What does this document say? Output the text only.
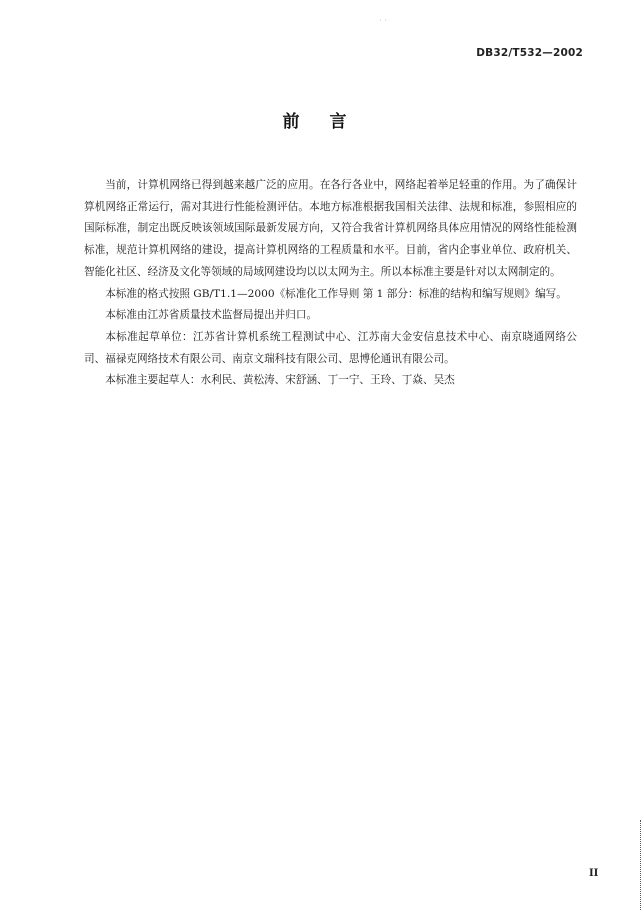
˙ ˙
DB32/T532—2002
前言

当前，计算机网络已得到越来越广泛的应用。在各行各业中，网络起着举足轻重的作用。为了确保计算机网络正常运行，需对其进行性能检测评估。本地方标准根据我国相关法律、法规和标准，参照相应的国际标准，制定出既反映该领域国际最新发展方向，又符合我省计算机网络具体应用情况的网络性能检测标准，规范计算机网络的建设，提高计算机网络的工程质量和水平。目前，省内企事业单位、政府机关、智能化社区、经济及文化等领域的局域网建设均以以太网为主。所以本标准主要是针对以太网制定的。

本标准的格式按照 GB/T1.1—2000《标准化工作导则 第 1 部分：标准的结构和编写规则》编写。

本标准由江苏省质量技术监督局提出并归口。

本标准起草单位：江苏省计算机系统工程测试中心、江苏南大金安信息技术中心、南京晓通网络公司、福禄克网络技术有限公司、南京文瑞科技有限公司、思博伦通讯有限公司。

本标准主要起草人：水利民、黄松涛、宋舒涵、丁一宁、王玲、丁焱、吴杰

II
